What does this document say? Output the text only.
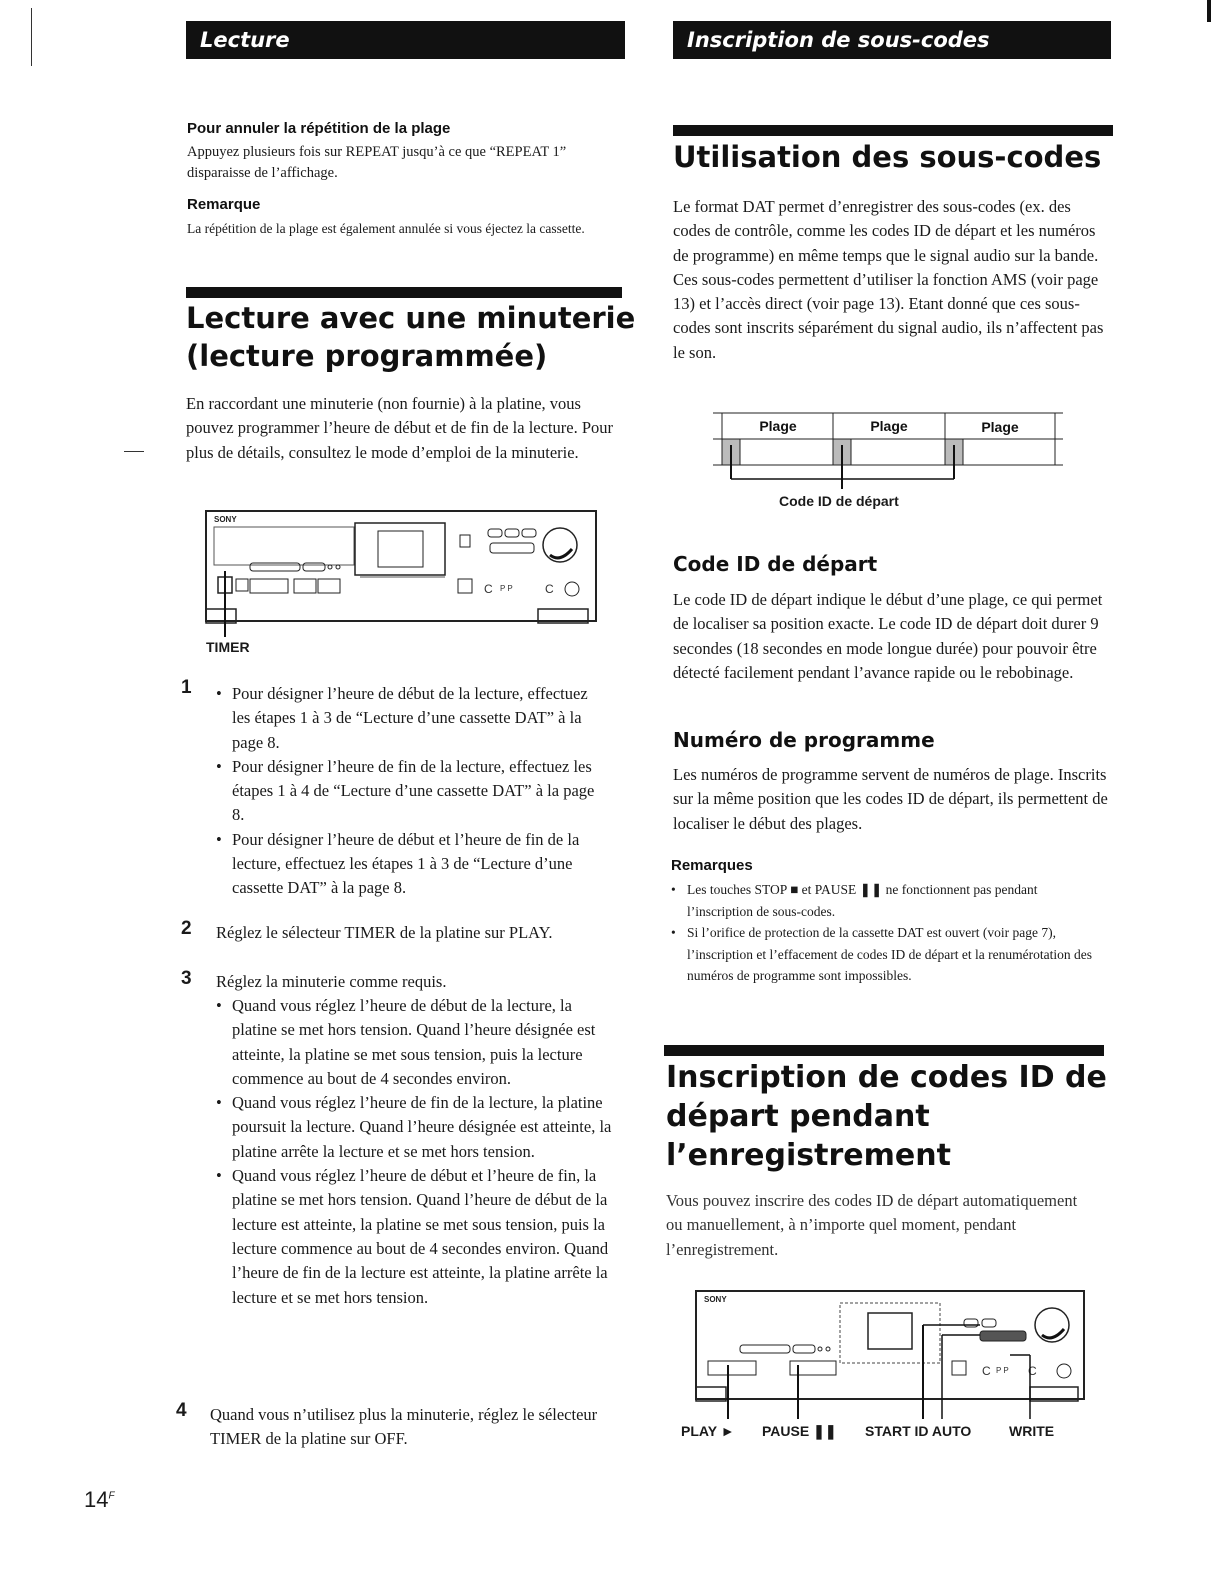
Lecture	Inscription de sous-codes
Pour annuler la répétition de la plage
Appuyez plusieurs fois sur REPEAT jusqu’à ce que “REPEAT 1” disparaisse de l’affichage.
Remarque
La répétition de la plage est également annulée si vous éjectez la cassette.
Lecture avec une minuterie
(lecture programmée)
En raccordant une minuterie (non fournie) à la platine, vous pouvez programmer l’heure de début et de fin de la lecture. Pour plus de détails, consultez le mode d’emploi de la minuterie.
SONY
C P P	C
TIMER
1
•	Pour désigner l’heure de début de la lecture, effectuez les étapes 1 à 3 de “Lecture d’une cassette DAT” à la page 8.
• Pour désigner l’heure de fin de la lecture, effectuez les étapes 1 à 4 de “Lecture d’une cassette DAT” à la page 8.
• Pour désigner l’heure de début et l’heure de fin de la lecture, effectuez les étapes 1 à 3 de “Lecture d’une cassette DAT” à la page 8.
2 Réglez le sélecteur TIMER de la platine sur PLAY.
3 Réglez la minuterie comme requis.
• Quand vous réglez l’heure de début de la lecture, la platine se met hors tension. Quand l’heure désignée est atteinte, la platine se met sous tension, puis la lecture commence au bout de 4 secondes environ.
• Quand vous réglez l’heure de fin de la lecture, la platine poursuit la lecture. Quand l’heure désignée est atteinte, la platine arrête la lecture et se met hors tension.
• Quand vous réglez l’heure de début et l’heure de fin, la platine se met hors tension. Quand l’heure de début de la lecture est atteinte, la platine se met sous tension, puis la lecture commence au bout de 4 secondes environ. Quand l’heure de fin de la lecture est atteinte, la platine arrête la lecture et se met hors tension.
4 Quand vous n’utilisez plus la minuterie, réglez le sélecteur TIMER de la platine sur OFF.
$14^F$
Utilisation des sous-codes
Le format DAT permet d’enregistrer des sous-codes (ex. des codes de contrôle, comme les codes ID de départ et les numéros de programme) en même temps que le signal audio sur la bande. Ces sous-codes permettent d’utiliser la fonction AMS (voir page 13) et l’accès direct (voir page 13). Etant donné que ces sous-codes sont inscrits séparément du signal audio, ils n’affectent pas le son.
Plage	Plage	Plage
Code ID de départ
Code ID de départ
Le code ID de départ indique le début d’une plage, ce qui permet de localiser sa position exacte. Le code ID de départ doit durer 9 secondes (18 secondes en mode longue durée) pour pouvoir être détecté facilement pendant l’avance rapide ou le rebobinage.
Numéro de programme
Les numéros de programme servent de numéros de plage. Inscrits sur la même position que les codes ID de départ, ils permettent de localiser le début des plages.
Remarques
• Les touches STOP ■ et PAUSE ❚❚ ne fonctionnent pas pendant l’inscription de sous-codes.
• Si l’orifice de protection de la cassette DAT est ouvert (voir page 7), l’inscription et l’effacement de codes ID de départ et la renumérotation des numéros de programme sont impossibles.
Inscription de codes ID de
départ pendant
l’enregistrement
Vous pouvez inscrire des codes ID de départ automatiquement ou manuellement, à n’importe quel moment, pendant l’enregistrement.
SONY
C P P C
PLAY ► PAUSE ❚❚ START ID AUTO	WRITE
